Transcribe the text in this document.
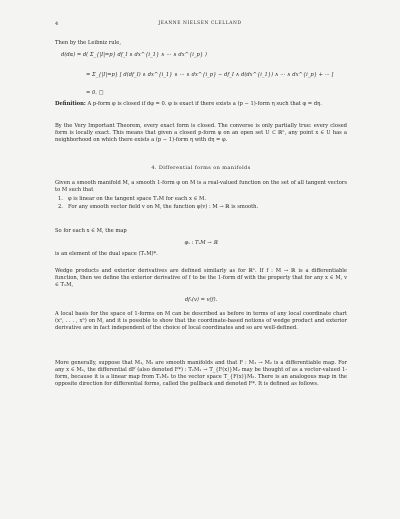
4	JEANNE NIELSEN CLELLAND

Then by the Leibniz rule,

d(dα) = d( Σ_{|I|=p} df_I ∧ dx^{i_1} ∧ ··· ∧ dx^{i_p} )
= Σ_{|I|=p} [ d(df_I) ∧ dx^{i_1} ∧ ··· ∧ dx^{i_p} − df_I ∧ d(dx^{i_1}) ∧ ··· ∧ dx^{i_p} + ··· ]
= 0. □

Definition: A p-form φ is closed if dφ = 0. φ is exact if there exists a (p − 1)-form η such that φ = dη.

By the Very Important Theorem, every exact form is closed. The converse is only partially true: every closed form is locally exact. This means that given a closed p-form φ on an open set U ⊂ ℝⁿ, any point x ∈ U has a neighborhood on which there exists a (p − 1)-form η with dη = φ.

4. Differential forms on manifolds

Given a smooth manifold M, a smooth 1-form φ on M is a real-valued function on the set of all tangent vectors to M such that

1. φ is linear on the tangent space TₓM for each x ∈ M.
2. For any smooth vector field v on M, the function φ(v) : M → ℝ is smooth.

So for each x ∈ M, the map

φₓ : TₓM → ℝ

is an element of the dual space (TₓM)*.

Wedge products and exterior derivatives are defined similarly as for ℝⁿ. If f : M → ℝ is a differentiable function, then we define the exterior derivative of f to be the 1-form df with the property that for any x ∈ M, v ∈ TₓM,

dfₓ(v) = v(f).

A local basis for the space of 1-forms on M can be described as before in terms of any local coordinate chart (x¹, . . . , xⁿ) on M, and it is possible to show that the coordinate-based notions of wedge product and exterior derivative are in fact independent of the choice of local coordinates and so are well-defined.

More generally, suppose that M₁, M₂ are smooth manifolds and that F : M₁ → M₂ is a differentiable map. For any x ∈ M₁, the differential dF (also denoted F*) : TₓM₁ → T_{F(x)}M₂ may be thought of as a vector-valued 1-form, because it is a linear map from TₓM₁ to the vector space T_{F(x)}M₂. There is an analogous map in the opposite direction for differential forms, called the pullback and denoted F*. It is defined as follows.
